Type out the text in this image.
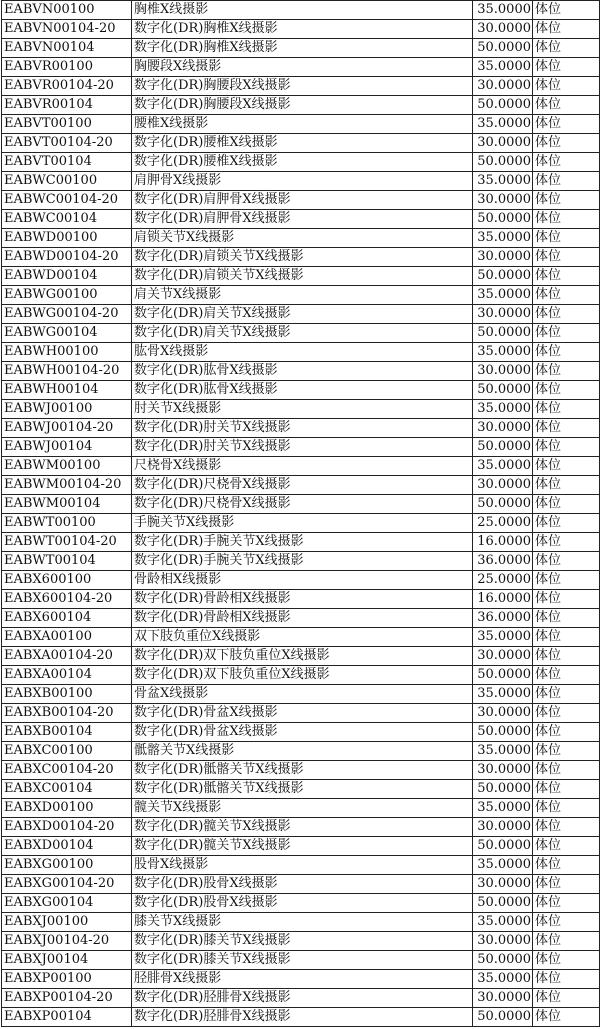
EABVN00100	胸椎X线摄影	35.0000	体位
EABVN00104-20	数字化(DR)胸椎X线摄影	30.0000	体位
EABVN00104	数字化(DR)胸椎X线摄影	50.0000	体位
EABVR00100	胸腰段X线摄影	35.0000	体位
EABVR00104-20	数字化(DR)胸腰段X线摄影	30.0000	体位
EABVR00104	数字化(DR)胸腰段X线摄影	50.0000	体位
EABVT00100	腰椎X线摄影	35.0000	体位
EABVT00104-20	数字化(DR)腰椎X线摄影	30.0000	体位
EABVT00104	数字化(DR)腰椎X线摄影	50.0000	体位
EABWC00100	肩胛骨X线摄影	35.0000	体位
EABWC00104-20	数字化(DR)肩胛骨X线摄影	30.0000	体位
EABWC00104	数字化(DR)肩胛骨X线摄影	50.0000	体位
EABWD00100	肩锁关节X线摄影	35.0000	体位
EABWD00104-20	数字化(DR)肩锁关节X线摄影	30.0000	体位
EABWD00104	数字化(DR)肩锁关节X线摄影	50.0000	体位
EABWG00100	肩关节X线摄影	35.0000	体位
EABWG00104-20	数字化(DR)肩关节X线摄影	30.0000	体位
EABWG00104	数字化(DR)肩关节X线摄影	50.0000	体位
EABWH00100	肱骨X线摄影	35.0000	体位
EABWH00104-20	数字化(DR)肱骨X线摄影	30.0000	体位
EABWH00104	数字化(DR)肱骨X线摄影	50.0000	体位
EABWJ00100	肘关节X线摄影	35.0000	体位
EABWJ00104-20	数字化(DR)肘关节X线摄影	30.0000	体位
EABWJ00104	数字化(DR)肘关节X线摄影	50.0000	体位
EABWM00100	尺桡骨X线摄影	35.0000	体位
EABWM00104-20	数字化(DR)尺桡骨X线摄影	30.0000	体位
EABWM00104	数字化(DR)尺桡骨X线摄影	50.0000	体位
EABWT00100	手腕关节X线摄影	25.0000	体位
EABWT00104-20	数字化(DR)手腕关节X线摄影	16.0000	体位
EABWT00104	数字化(DR)手腕关节X线摄影	36.0000	体位
EABX600100	骨龄相X线摄影	25.0000	体位
EABX600104-20	数字化(DR)骨龄相X线摄影	16.0000	体位
EABX600104	数字化(DR)骨龄相X线摄影	36.0000	体位
EABXA00100	双下肢负重位X线摄影	35.0000	体位
EABXA00104-20	数字化(DR)双下肢负重位X线摄影	30.0000	体位
EABXA00104	数字化(DR)双下肢负重位X线摄影	50.0000	体位
EABXB00100	骨盆X线摄影	35.0000	体位
EABXB00104-20	数字化(DR)骨盆X线摄影	30.0000	体位
EABXB00104	数字化(DR)骨盆X线摄影	50.0000	体位
EABXC00100	骶髂关节X线摄影	35.0000	体位
EABXC00104-20	数字化(DR)骶髂关节X线摄影	30.0000	体位
EABXC00104	数字化(DR)骶髂关节X线摄影	50.0000	体位
EABXD00100	髋关节X线摄影	35.0000	体位
EABXD00104-20	数字化(DR)髋关节X线摄影	30.0000	体位
EABXD00104	数字化(DR)髋关节X线摄影	50.0000	体位
EABXG00100	股骨X线摄影	35.0000	体位
EABXG00104-20	数字化(DR)股骨X线摄影	30.0000	体位
EABXG00104	数字化(DR)股骨X线摄影	50.0000	体位
EABXJ00100	膝关节X线摄影	35.0000	体位
EABXJ00104-20	数字化(DR)膝关节X线摄影	30.0000	体位
EABXJ00104	数字化(DR)膝关节X线摄影	50.0000	体位
EABXP00100	胫腓骨X线摄影	35.0000	体位
EABXP00104-20	数字化(DR)胫腓骨X线摄影	30.0000	体位
EABXP00104	数字化(DR)胫腓骨X线摄影	50.0000	体位
